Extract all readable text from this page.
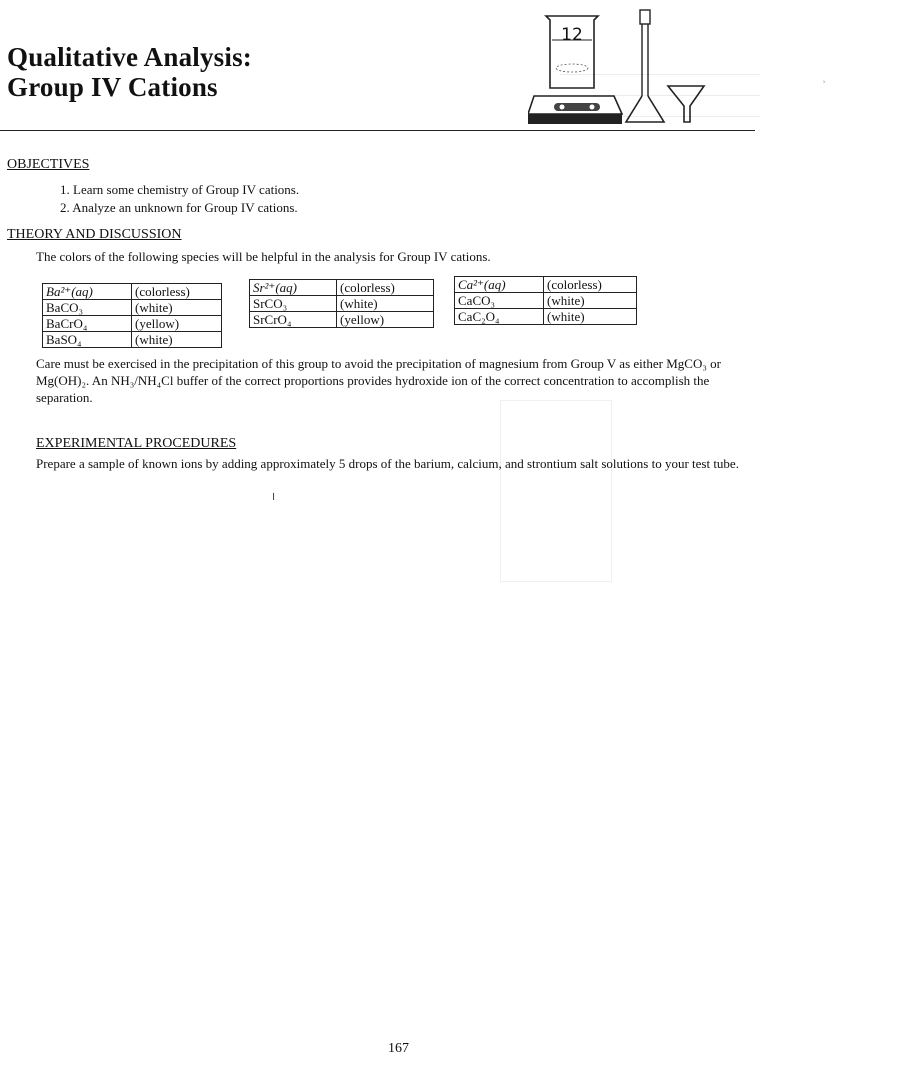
Qualitative Analysis:
Group IV Cations
12
OBJECTIVES
1. Learn some chemistry of Group IV cations.
2. Analyze an unknown for Group IV cations.
THEORY AND DISCUSSION
The colors of the following species will be helpful in the analysis for Group IV cations.
Ba²⁺(aq)	(colorless)
BaCO₃	(white)
BaCrO₄	(yellow)
BaSO₄	(white)
Sr²⁺(aq)	(colorless)
SrCO₃	(white)
SrCrO₄	(yellow)
Ca²⁺(aq)	(colorless)
CaCO₃	(white)
CaC₂O₄	(white)
Care must be exercised in the precipitation of this group to avoid the precipitation of magnesium from Group V as either MgCO₃ or Mg(OH)₂. An NH₃/NH₄Cl buffer of the correct proportions provides hydroxide ion of the correct concentration to accomplish the separation.
EXPERIMENTAL PROCEDURES
Prepare a sample of known ions by adding approximately 5 drops of the barium, calcium, and strontium salt solutions to your test tube.
╷
ʾ
167
